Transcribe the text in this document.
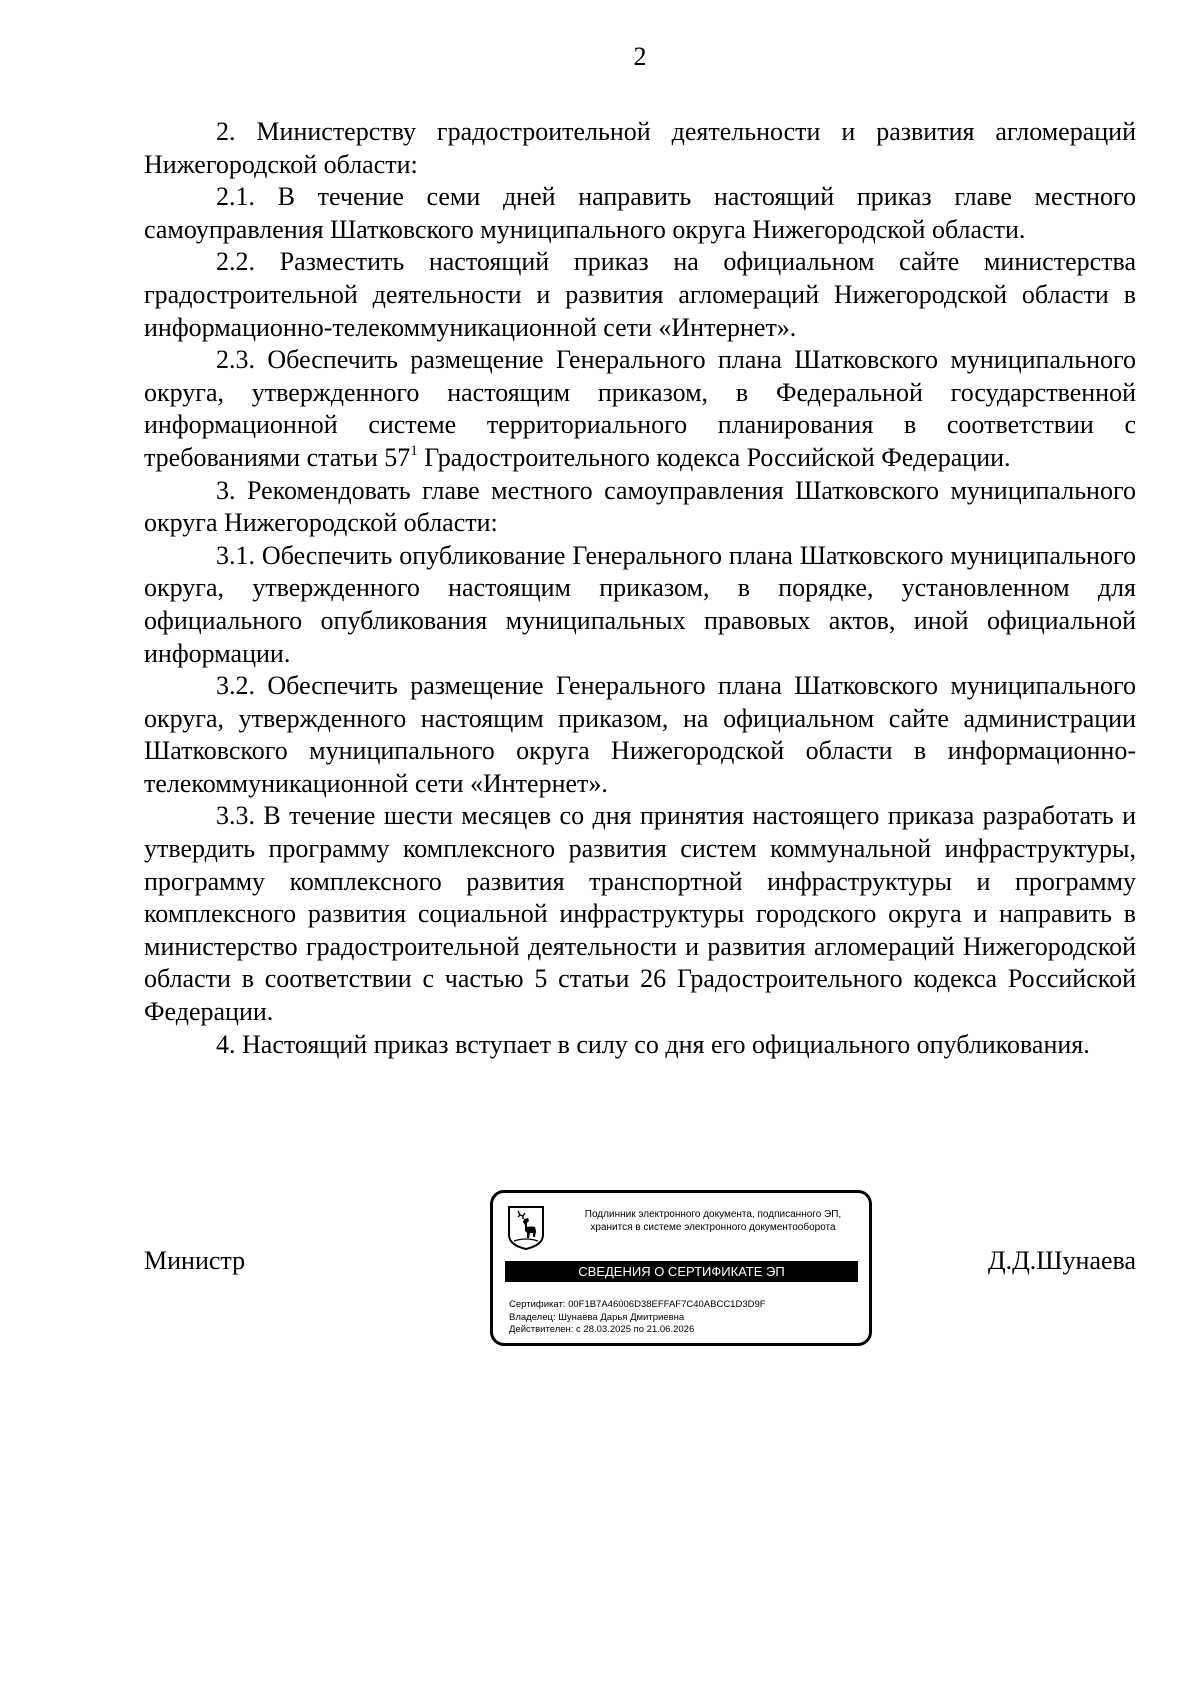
2

2. Министерству градостроительной деятельности и развития агломераций Нижегородской области:

2.1. В течение семи дней направить настоящий приказ главе местного самоуправления Шатковского муниципального округа Нижегородской области.

2.2. Разместить настоящий приказ на официальном сайте министерства градостроительной деятельности и развития агломераций Нижегородской области в информационно-телекоммуникационной сети «Интернет».

2.3. Обеспечить размещение Генерального плана Шатковского муниципального округа, утвержденного настоящим приказом, в Федеральной государственной информационной системе территориального планирования в соответствии с требованиями статьи $57^1$ Градостроительного кодекса Российской Федерации.

3. Рекомендовать главе местного самоуправления Шатковского муниципального округа Нижегородской области:

3.1. Обеспечить опубликование Генерального плана Шатковского муниципального округа, утвержденного настоящим приказом, в порядке, установленном для официального опубликования муниципальных правовых актов, иной официальной информации.

3.2. Обеспечить размещение Генерального плана Шатковского муниципального округа, утвержденного настоящим приказом, на официальном сайте администрации Шатковского муниципального округа Нижегородской области в информационно-телекоммуникационной сети «Интернет».

3.3. В течение шести месяцев со дня принятия настоящего приказа разработать и утвердить программу комплексного развития систем коммунальной инфраструктуры, программу комплексного развития транспортной инфраструктуры и программу комплексного развития социальной инфраструктуры городского округа и направить в министерство градостроительной деятельности и развития агломераций Нижегородской области в соответствии с частью 5 статьи 26 Градостроительного кодекса Российской Федерации.

4. Настоящий приказ вступает в силу со дня его официального опубликования.

Министр	Д.Д.Шунаева
Подлинник электронного документа, подписанного ЭП,
хранится в системе электронного документооборота
СВЕДЕНИЯ О СЕРТИФИКАТЕ ЭП
Сертификат: 00F1B7A46006D38EFFAF7C40ABCC1D3D9F
Владелец: Шунаева Дарья Дмитриевна
Действителен: с 28.03.2025 по 21.06.2026
